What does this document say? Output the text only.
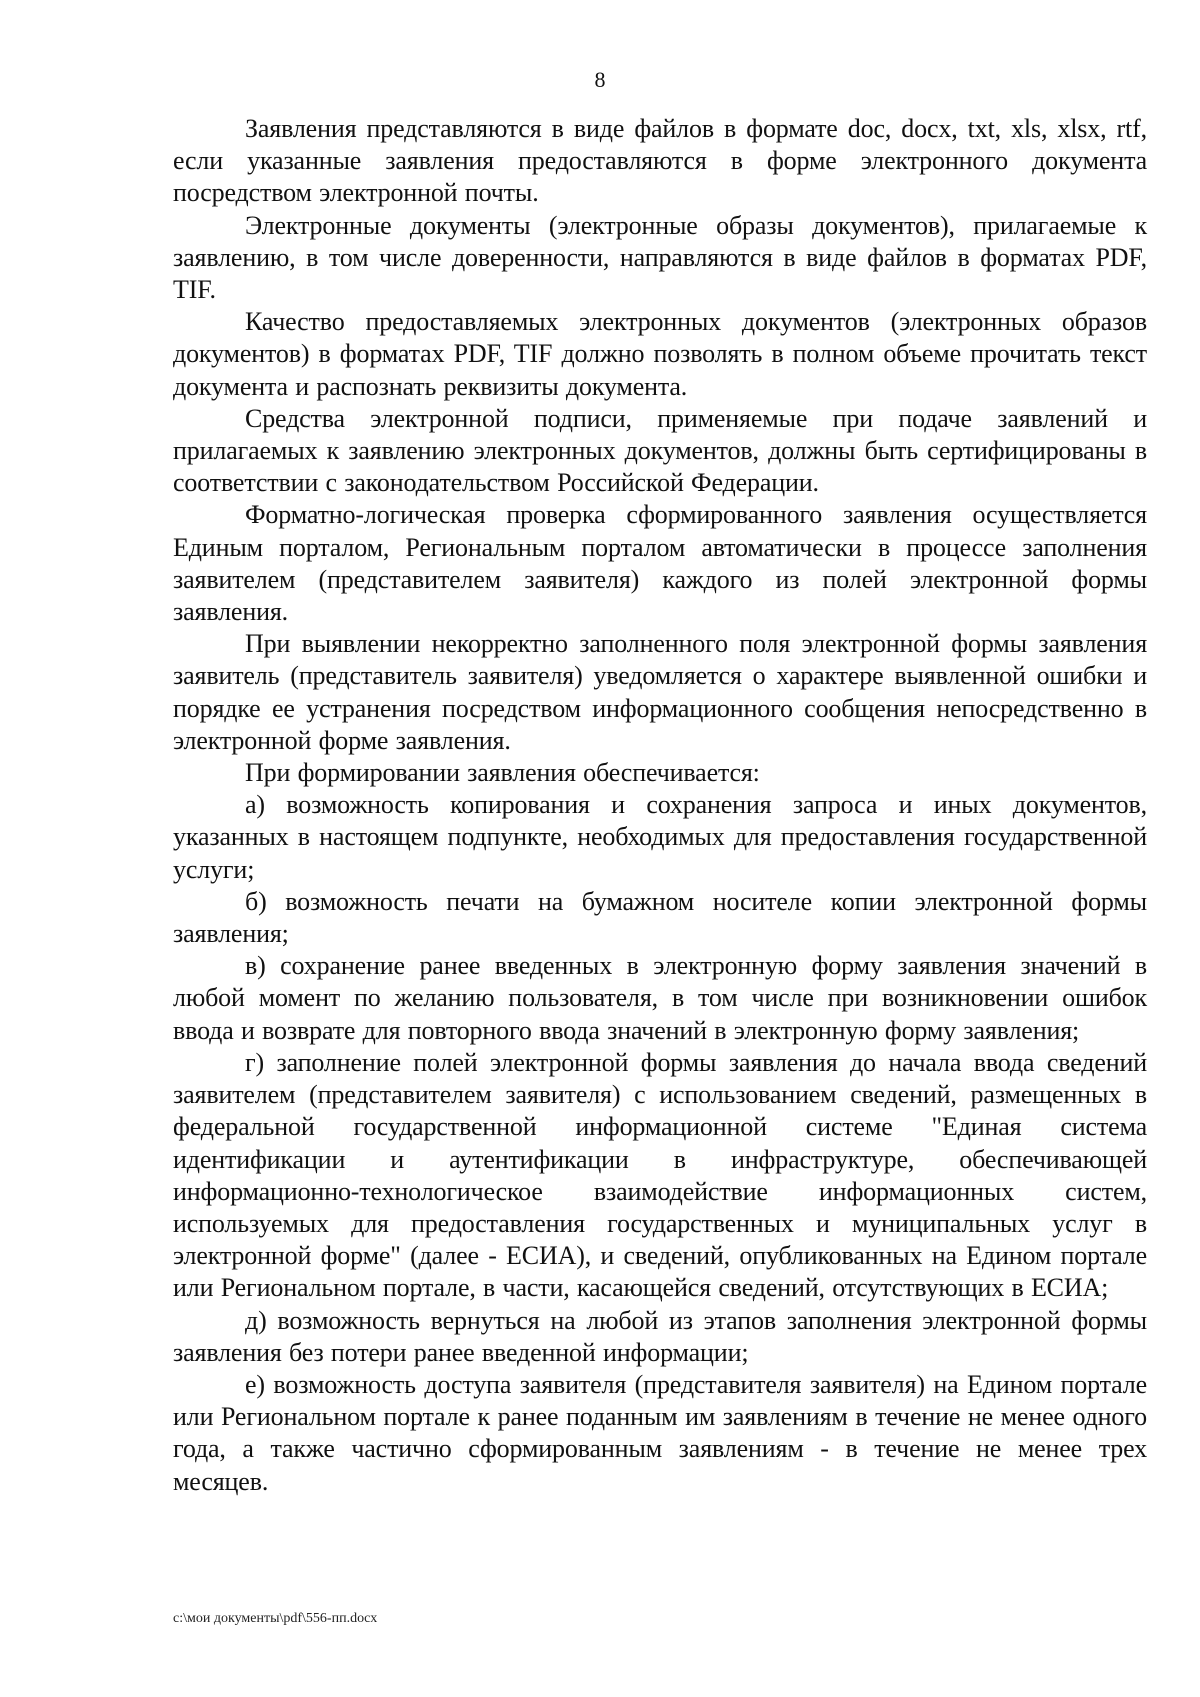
8

Заявления представляются в виде файлов в формате doc, docx, txt, xls, xlsx, rtf, если указанные заявления предоставляются в форме электронного документа посредством электронной почты.

Электронные документы (электронные образы документов), прилагаемые к заявлению, в том числе доверенности, направляются в виде файлов в форматах PDF, TIF.

Качество предоставляемых электронных документов (электронных образов документов) в форматах PDF, TIF должно позволять в полном объеме прочитать текст документа и распознать реквизиты документа.

Средства электронной подписи, применяемые при подаче заявлений и прилагаемых к заявлению электронных документов, должны быть сертифицированы в соответствии с законодательством Российской Федерации.

Форматно-логическая проверка сформированного заявления осуществляется Единым порталом, Региональным порталом автоматически в процессе заполнения заявителем (представителем заявителя) каждого из полей электронной формы заявления.

При выявлении некорректно заполненного поля электронной формы заявления заявитель (представитель заявителя) уведомляется о характере выявленной ошибки и порядке ее устранения посредством информационного сообщения непосредственно в электронной форме заявления.

При формировании заявления обеспечивается:

а) возможность копирования и сохранения запроса и иных документов, указанных в настоящем подпункте, необходимых для предоставления государственной услуги;

б) возможность печати на бумажном носителе копии электронной формы заявления;

в) сохранение ранее введенных в электронную форму заявления значений в любой момент по желанию пользователя, в том числе при возникновении ошибок ввода и возврате для повторного ввода значений в электронную форму заявления;

г) заполнение полей электронной формы заявления до начала ввода сведений заявителем (представителем заявителя) с использованием сведений, размещенных в федеральной государственной информационной системе "Единая система идентификации и аутентификации в инфраструктуре, обеспечивающей информационно-технологическое взаимодействие информационных систем, используемых для предоставления государственных и муниципальных услуг в электронной форме" (далее - ЕСИА), и сведений, опубликованных на Едином портале или Региональном портале, в части, касающейся сведений, отсутствующих в ЕСИА;

д) возможность вернуться на любой из этапов заполнения электронной формы заявления без потери ранее введенной информации;

е) возможность доступа заявителя (представителя заявителя) на Едином портале или Региональном портале к ранее поданным им заявлениям в течение не менее одного года, а также частично сформированным заявлениям - в течение не менее трех месяцев.

c:\мои документы\pdf\556-пп.docx
